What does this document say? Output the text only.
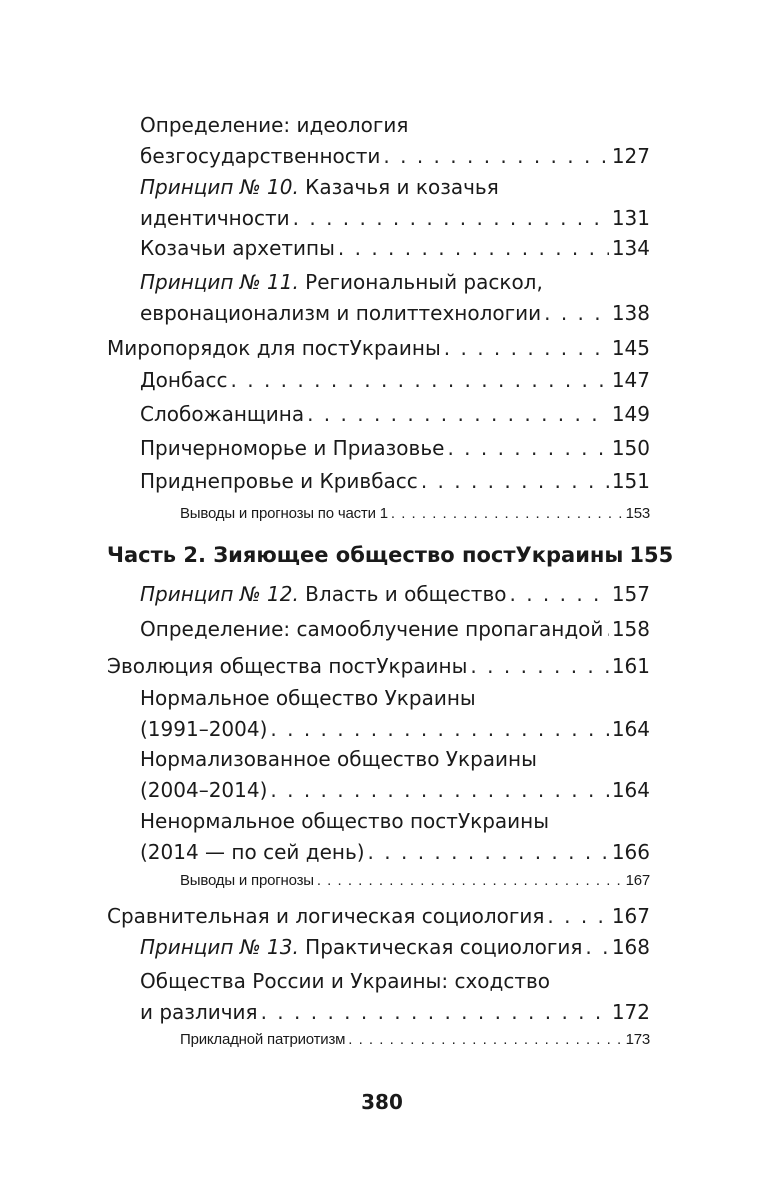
Определение: идеология
безгосударственности . . .	127
Принцип № 10. Казачья и козачья
идентичности . . .	131
Козачьи архетипы . . .	134
Принцип № 11. Региональный раскол,
евронационализм и политтехнологии . . .	138
Миропорядок для постУкраины . . .	145
Донбасс . . .	147
Слобожанщина . . .	149
Причерноморье и Приазовье . . .	150
Приднепровье и Кривбасс . . .	151
Выводы и прогнозы по части 1 . . .	153
Часть 2. Зияющее общество постУкраины 155
Принцип № 12. Власть и общество . . .	157
Определение: самооблучение пропагандой . . . 158
Эволюция общества постУкраины . . .	161
Нормальное общество Украины
(1991–2004) . . .	164
Нормализованное общество Украины
(2004–2014) . . .	164
Ненормальное общество постУкраины
(2014 — по сей день) . . .	166
Выводы и прогнозы . . .	167
Сравнительная и логическая социология . . .	167
Принцип № 13. Практическая социология . . . 168
Общества России и Украины: сходство
и различия . . .	172
Прикладной патриотизм . . .	173
380
